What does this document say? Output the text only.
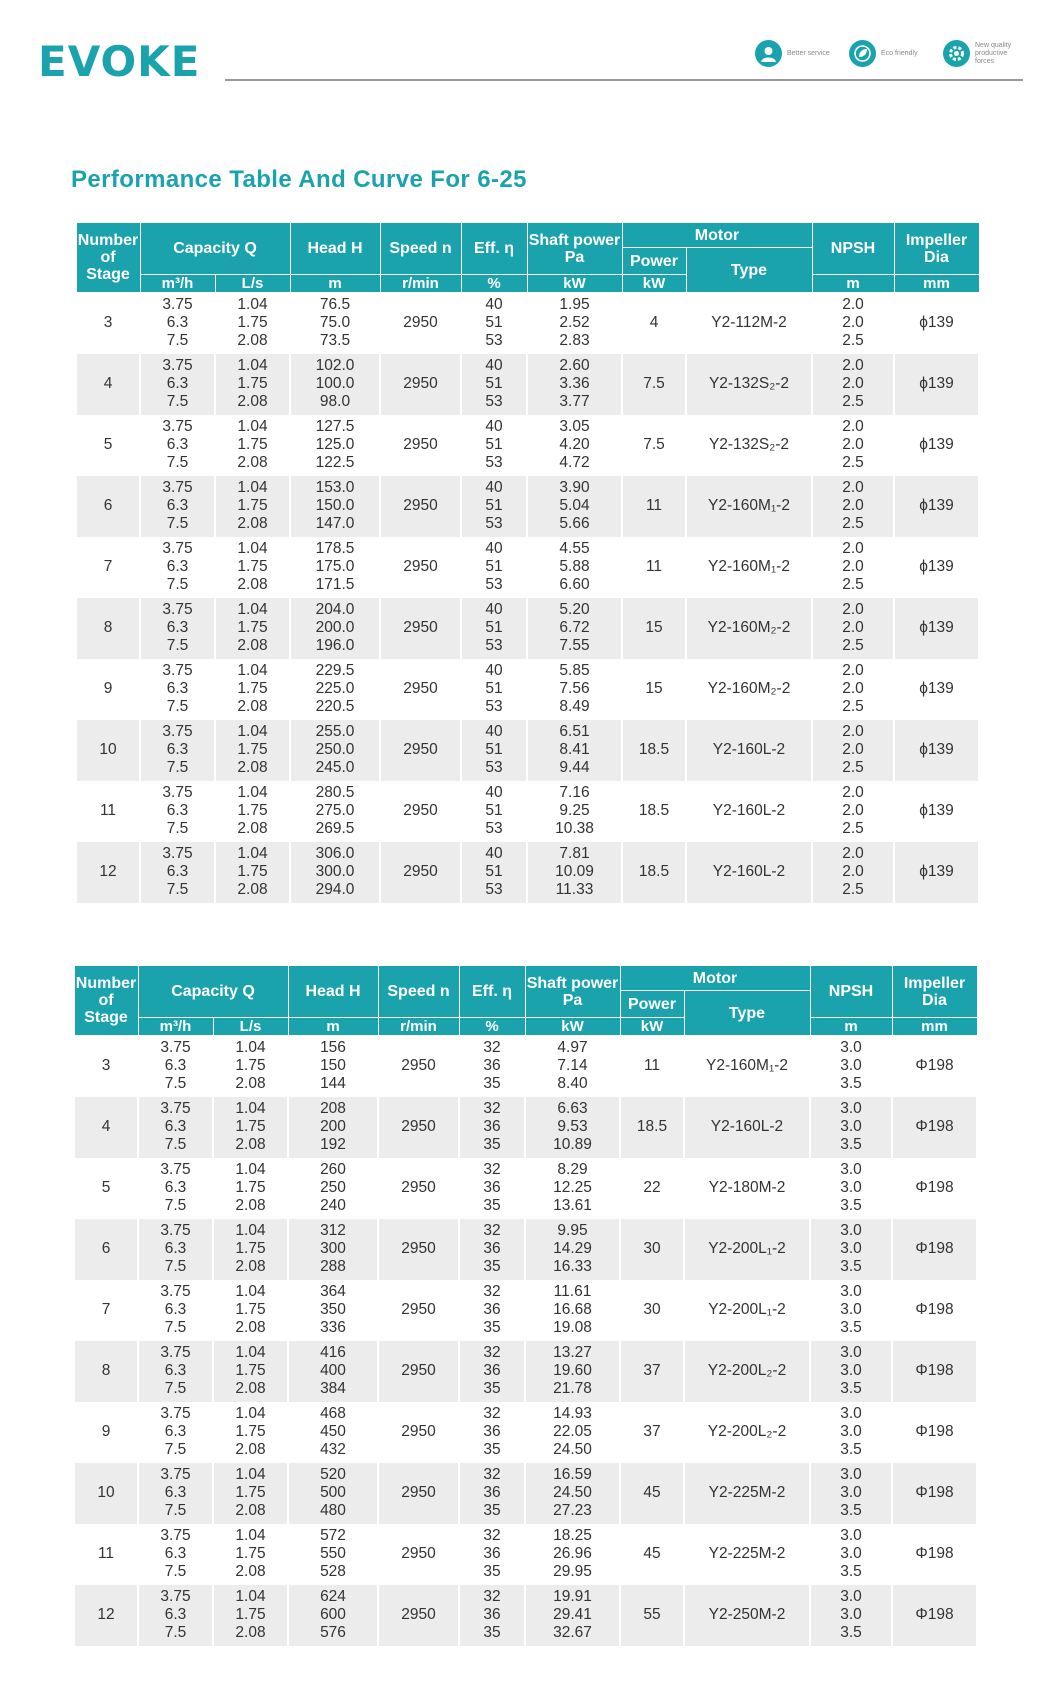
EVOKE	Better service	Eco friendly
New quality productive forces
Performance Table And Curve For 6-25
Number of Stage	Capacity Q		Head H	Speed n	Eff. η	Shaft power Pa	Motor		NPSH	Impeller Dia
							Power	Type		
	m³/h	L/s	m	r/min	%	kW	kW		m	mm
3	3.75
6.3
7.5	1.04
1.75
2.08	76.5
75.0
73.5	2950	40
51
53	1.95
2.52
2.83	4	Y2-112M-2	2.0
2.0
2.5	ϕ139
4	3.75
6.3
7.5	1.04
1.75
2.08	102.0
100.0
98.0	2950	40
51
53	2.60
3.36
3.77	7.5	Y2-132S₂-2	2.0
2.0
2.5	ϕ139
5	3.75
6.3
7.5	1.04
1.75
2.08	127.5
125.0
122.5	2950	40
51
53	3.05
4.20
4.72	7.5	Y2-132S₂-2	2.0
2.0
2.5	ϕ139
6	3.75
6.3
7.5	1.04
1.75
2.08	153.0
150.0
147.0	2950	40
51
53	3.90
5.04
5.66	11	Y2-160M₁-2	2.0
2.0
2.5	ϕ139
7	3.75
6.3
7.5	1.04
1.75
2.08	178.5
175.0
171.5	2950	40
51
53	4.55
5.88
6.60	11	Y2-160M₁-2	2.0
2.0
2.5	ϕ139
8	3.75
6.3
7.5	1.04
1.75
2.08	204.0
200.0
196.0	2950	40
51
53	5.20
6.72
7.55	15	Y2-160M₂-2	2.0
2.0
2.5	ϕ139
9	3.75
6.3
7.5	1.04
1.75
2.08	229.5
225.0
220.5	2950	40
51
53	5.85
7.56
8.49	15	Y2-160M₂-2	2.0
2.0
2.5	ϕ139
10	3.75
6.3
7.5	1.04
1.75
2.08	255.0
250.0
245.0	2950	40
51
53	6.51
8.41
9.44	18.5	Y2-160L-2	2.0
2.0
2.5	ϕ139
11	3.75
6.3
7.5	1.04
1.75
2.08	280.5
275.0
269.5	2950	40
51
53	7.16
9.25
10.38	18.5	Y2-160L-2	2.0
2.0
2.5	ϕ139
12	3.75
6.3
7.5	1.04
1.75
2.08	306.0
300.0
294.0	2950	40
51
53	7.81
10.09
11.33	18.5	Y2-160L-2	2.0
2.0
2.5	ϕ139
Number of Stage	Capacity Q		Head H	Speed n	Eff. η	Shaft power Pa	Motor		NPSH	Impeller Dia
							Power	Type		
	m³/h	L/s	m	r/min	%	kW	kW		m	mm
3	3.75
6.3
7.5	1.04
1.75
2.08	156
150
144	2950	32
36
35	4.97
7.14
8.40	11	Y2-160M₁-2	3.0
3.0
3.5	Φ198
4	3.75
6.3
7.5	1.04
1.75
2.08	208
200
192	2950	32
36
35	6.63
9.53
10.89	18.5	Y2-160L-2	3.0
3.0
3.5	Φ198
5	3.75
6.3
7.5	1.04
1.75
2.08	260
250
240	2950	32
36
35	8.29
12.25
13.61	22	Y2-180M-2	3.0
3.0
3.5	Φ198
6	3.75
6.3
7.5	1.04
1.75
2.08	312
300
288	2950	32
36
35	9.95
14.29
16.33	30	Y2-200L₁-2	3.0
3.0
3.5	Φ198
7	3.75
6.3
7.5	1.04
1.75
2.08	364
350
336	2950	32
36
35	11.61
16.68
19.08	30	Y2-200L₁-2	3.0
3.0
3.5	Φ198
8	3.75
6.3
7.5	1.04
1.75
2.08	416
400
384	2950	32
36
35	13.27
19.60
21.78	37	Y2-200L₂-2	3.0
3.0
3.5	Φ198
9	3.75
6.3
7.5	1.04
1.75
2.08	468
450
432	2950	32
36
35	14.93
22.05
24.50	37	Y2-200L₂-2	3.0
3.0
3.5	Φ198
10	3.75
6.3
7.5	1.04
1.75
2.08	520
500
480	2950	32
36
35	16.59
24.50
27.23	45	Y2-225M-2	3.0
3.0
3.5	Φ198
11	3.75
6.3
7.5	1.04
1.75
2.08	572
550
528	2950	32
36
35	18.25
26.96
29.95	45	Y2-225M-2	3.0
3.0
3.5	Φ198
12	3.75
6.3
7.5	1.04
1.75
2.08	624
600
576	2950	32
36
35	19.91
29.41
32.67	55	Y2-250M-2	3.0
3.0
3.5	Φ198
